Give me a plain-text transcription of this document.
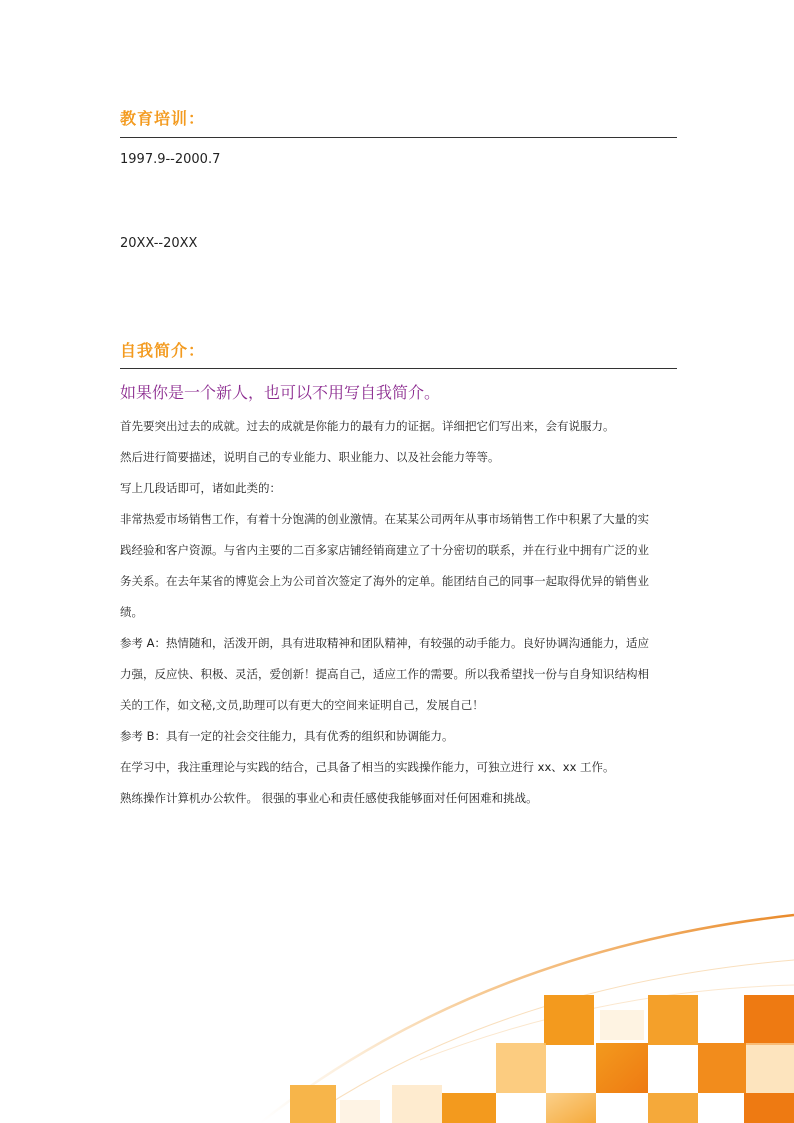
教育培训：
1997.9--2000.7
20XX--20XX
自我简介：
如果你是一个新人，也可以不用写自我简介。
首先要突出过去的成就。过去的成就是你能力的最有力的证据。详细把它们写出来，会有说服力。
然后进行简要描述，说明自己的专业能力、职业能力、以及社会能力等等。
写上几段话即可，诸如此类的：
非常热爱市场销售工作，有着十分饱满的创业激情。在某某公司两年从事市场销售工作中积累了大量的实
践经验和客户资源。与省内主要的二百多家店铺经销商建立了十分密切的联系，并在行业中拥有广泛的业
务关系。在去年某省的博览会上为公司首次签定了海外的定单。能团结自己的同事一起取得优异的销售业
绩。
参考 A：热情随和，活泼开朗，具有进取精神和团队精神，有较强的动手能力。良好协调沟通能力，适应
力强，反应快、积极、灵活，爱创新！提高自己，适应工作的需要。所以我希望找一份与自身知识结构相
关的工作，如文秘,文员,助理可以有更大的空间来证明自己，发展自己！
参考 B：具有一定的社会交往能力，具有优秀的组织和协调能力。
在学习中，我注重理论与实践的结合，己具备了相当的实践操作能力，可独立进行 xx、xx 工作。
熟练操作计算机办公软件。 很强的事业心和责任感使我能够面对任何困难和挑战。
